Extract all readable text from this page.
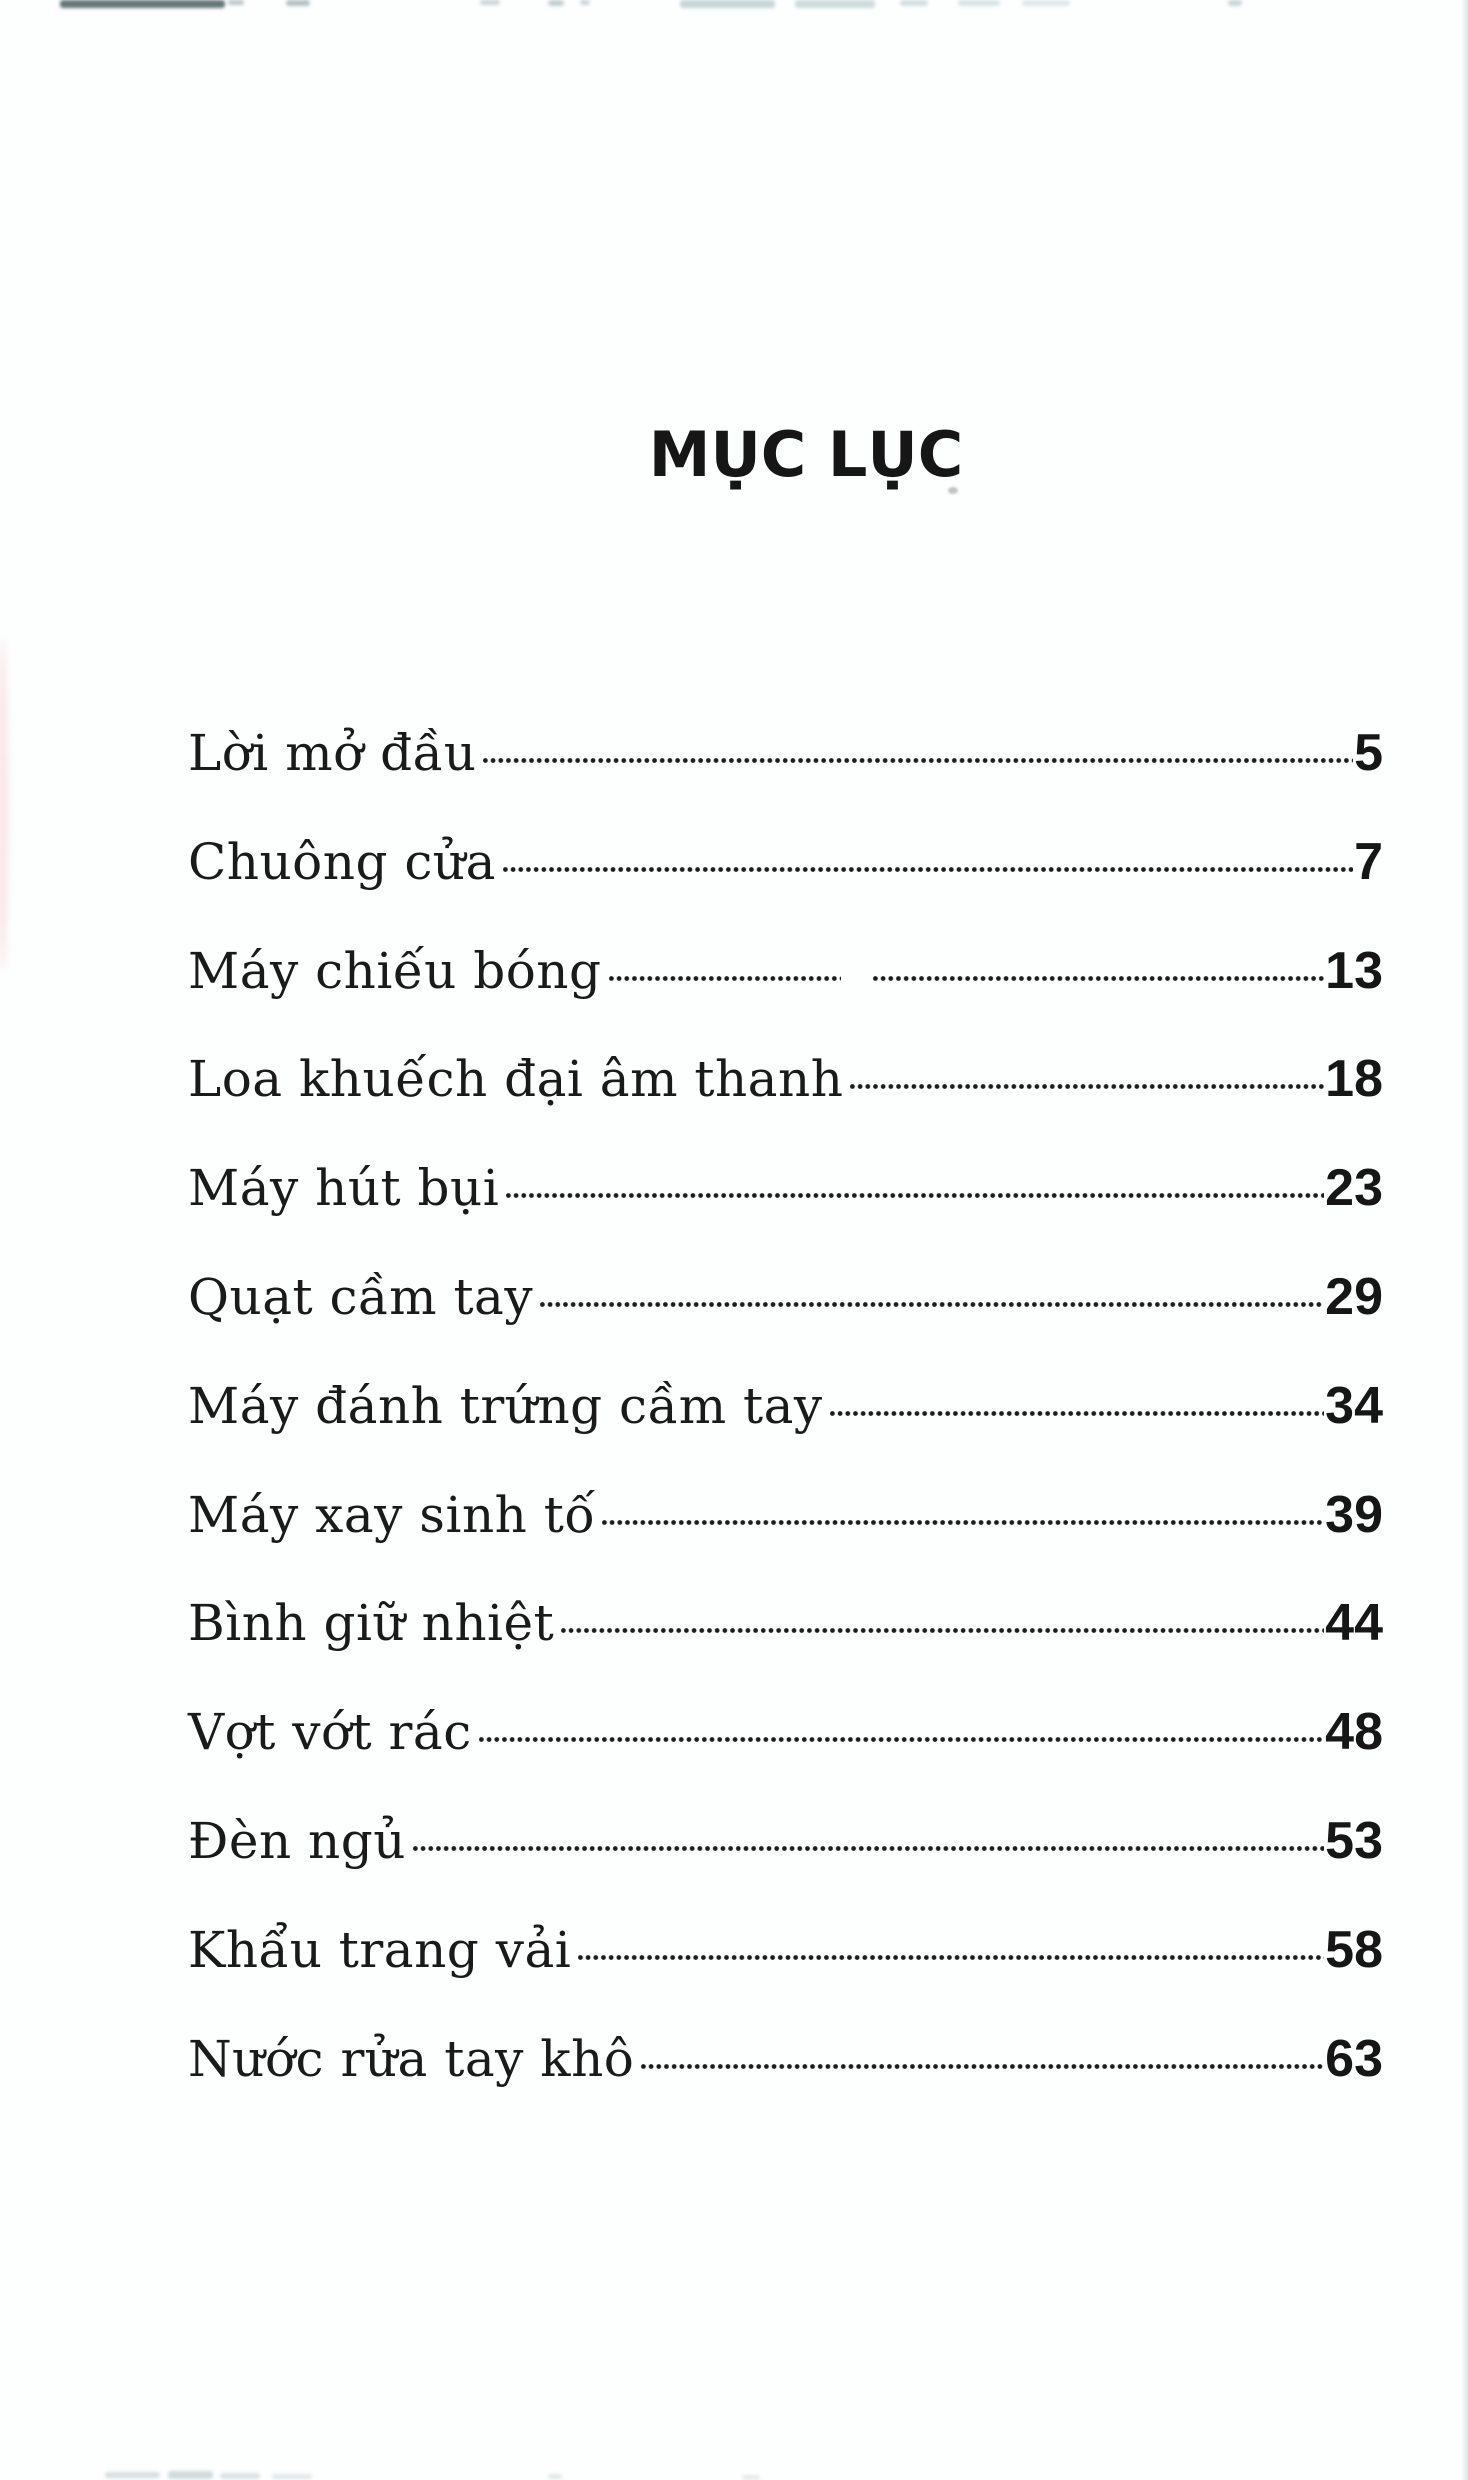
MỤC LỤC
Lời mở đầu	5
Chuông cửa	7
Máy chiếu bóng	13
Loa khuếch đại âm thanh	18
Máy hút bụi	23
Quạt cầm tay	29
Máy đánh trứng cầm tay	34
Máy xay sinh tố	39
Bình giữ nhiệt	44
Vợt vớt rác	48
Đèn ngủ	53
Khẩu trang vải	58
Nước rửa tay khô	63
